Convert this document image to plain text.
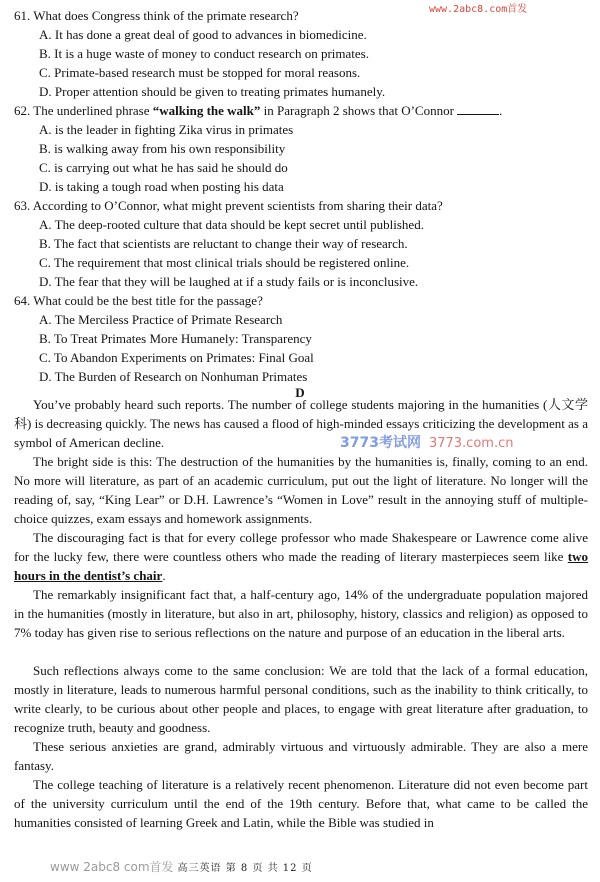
www.2abc8.com首发
61. What does Congress think of the primate research?
A. It has done a great deal of good to advances in biomedicine.
B. It is a huge waste of money to conduct research on primates.
C. Primate-based research must be stopped for moral reasons.
D. Proper attention should be given to treating primates humanely.
62. The underlined phrase “walking the walk” in Paragraph 2 shows that O’Connor	.
A. is the leader in fighting Zika virus in primates
B. is walking away from his own responsibility
C. is carrying out what he has said he should do
D. is taking a tough road when posting his data
63. According to O’Connor, what might prevent scientists from sharing their data?
A. The deep-rooted culture that data should be kept secret until published.
B. The fact that scientists are reluctant to change their way of research.
C. The requirement that most clinical trials should be registered online.
D. The fear that they will be laughed at if a study fails or is inconclusive.
64. What could be the best title for the passage?
A. The Merciless Practice of Primate Research
B. To Treat Primates More Humanely: Transparency
C. To Abandon Experiments on Primates: Final Goal
D. The Burden of Research on Nonhuman Primates
D

You’ve probably heard such reports. The number of college students majoring in the humanities (人文学科) is decreasing quickly. The news has caused a flood of high-minded essays criticizing the development as a symbol of American decline.

The bright side is this: The destruction of the humanities by the humanities is, finally, coming to an end. No more will literature, as part of an academic curriculum, put out the light of literature. No longer will the reading of, say, “King Lear” or D.H. Lawrence’s “Women in Love” result in the annoying stuff of multiple-choice quizzes, exam essays and homework assignments.

The discouraging fact is that for every college professor who made Shakespeare or Lawrence come alive for the lucky few, there were countless others who made the reading of literary masterpieces seem like two hours in the dentist’s chair.

The remarkably insignificant fact that, a half-century ago, 14% of the undergraduate population majored in the humanities (mostly in literature, but also in art, philosophy, history, classics and religion) as opposed to 7% today has given rise to serious reflections on the nature and purpose of an education in the liberal arts.

Such reflections always come to the same conclusion: We are told that the lack of a formal education, mostly in literature, leads to numerous harmful personal conditions, such as the inability to think critically, to write clearly, to be curious about other people and places, to engage with great literature after graduation, to recognize truth, beauty and goodness.

These serious anxieties are grand, admirably virtuous and virtuously admirable. They are also a mere fantasy.

The college teaching of literature is a relatively recent phenomenon. Literature did not even become part of the university curriculum until the end of the 19th century. Before that, what came to be called the humanities consisted of learning Greek and Latin, while the Bible was studied in

3773考试网 3773.com.cn
www 2abc8 com首发 高三英语 第 8 页 共 12 页
